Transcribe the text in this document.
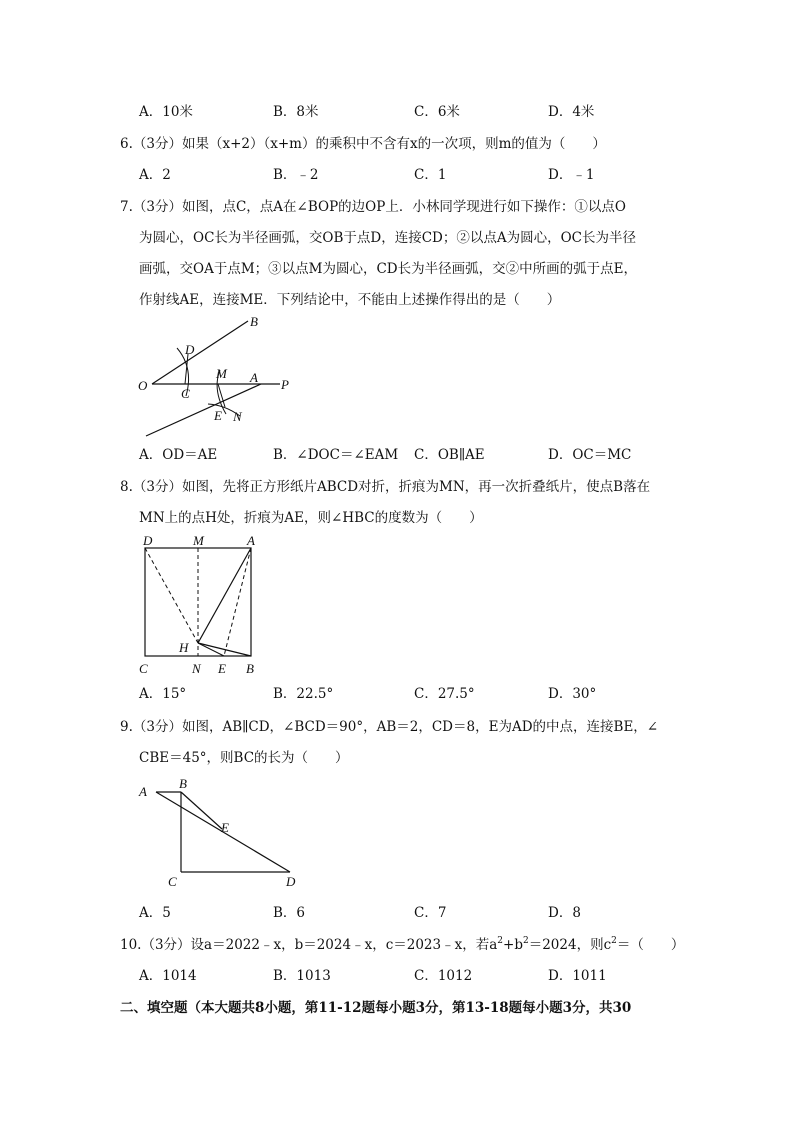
A．10米	B．8米	C．6米	D．4米
6.（3分）如果（x+2）（x+m）的乘积中不含有x的一次项，则m的值为（　　）
A．2	B．﹣2	C．1	D．﹣1
7.（3分）如图，点C，点A在∠BOP的边OP上．小林同学现进行如下操作：①以点O
为圆心，OC长为半径画弧，交OB于点D，连接CD；②以点A为圆心，OC长为半径
画弧，交OA于点M；③以点M为圆心，CD长为半径画弧，交②中所画的弧于点E，
作射线AE，连接ME．下列结论中，不能由上述操作得出的是（　　）
B
D
O
C
M A P
E N
A．OD＝AE	B．∠DOC＝∠EAM C．OB∥AE	D．OC＝MC
8.（3分）如图，先将正方形纸片ABCD对折，折痕为MN，再一次折叠纸片，使点B落在
MN上的点H处，折痕为AE，则∠HBC的度数为（　　）
D	M	A
H
C	N E B
A．15°	B．22.5°	C．27.5°	D．30°
9.（3分）如图，AB∥CD，∠BCD＝90°，AB＝2，CD＝8，E为AD的中点，连接BE，∠
CBE＝45°，则BC的长为（　　）
A
B
E
C	D
A．5	B．6	C．7	D．8
10.（3分）设a＝2022﹣x，b＝2024﹣x，c＝2023﹣x，若$a^2+b^2=2024$，则$c^2=$（　　）
A．1014	B．1013	C．1012	D．1011
二、填空题（本大题共8小题，第11-12题每小题3分，第13-18题每小题3分，共30
